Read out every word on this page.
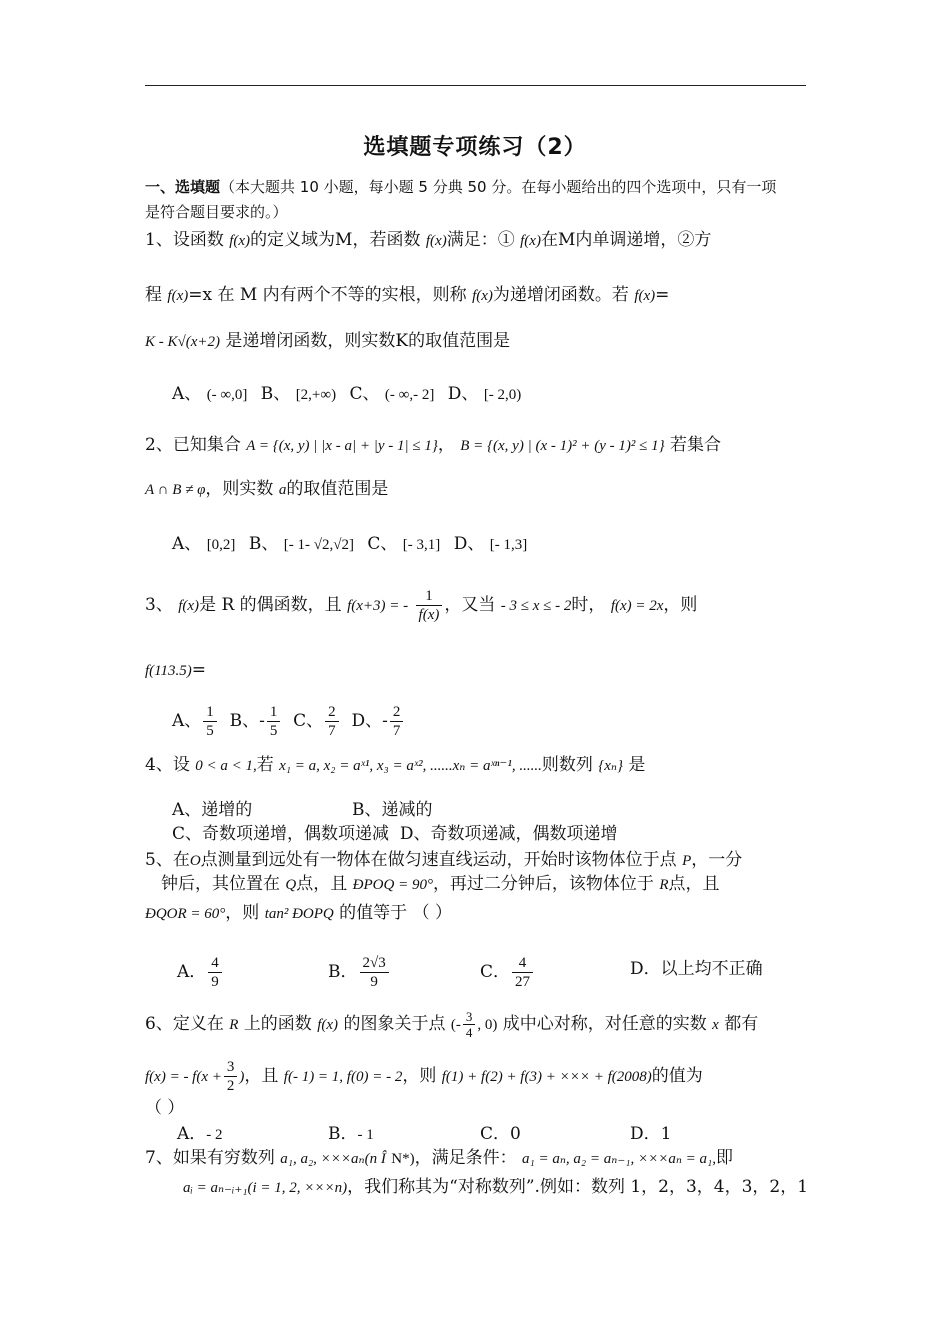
选填题专项练习（2）
一、选填题（本大题共 10 小题，每小题 5 分典 50 分。在每小题给出的四个选项中，只有一项
是符合题目要求的。）
1、设函数 f(x)的定义域为M，若函数 f(x)满足：① f(x)在M内单调递增，②方
程 f(x)=x 在 M 内有两个不等的实根，则称 f(x)为递增闭函数。若 f(x)=
K - K√(x+2) 是递增闭函数，则实数K的取值范围是
A、 (- ∞,0] B、 [2,+∞) C、 (- ∞,- 2] D、 [- 2,0)
2、已知集合 A = {(x, y) | |x - a| + |y - 1| ≤ 1}， B = {(x, y) | (x - 1)² + (y - 1)² ≤ 1} 若集合
A ∩ B ≠ φ，则实数 a的取值范围是
A、 [0,2] B、 [- 1- √2,√2] C、 [- 3,1] D、 [- 1,3]
3、 f(x)是 R 的偶函数，且 f(x+3) = - $\frac{1}{f(x)}$ ，又当 - 3 ≤ x ≤ - 2时， f(x) = 2x，则
f(113.5)=
A、 $\frac{1}{5}$ B、- $\frac{1}{5}$ C、 $\frac{2}{7}$ D、- $\frac{2}{7}$
4、设 0 < a < 1,若 x₁ = a, x₂ = aˣ¹, x₃ = aˣ², ......xₙ = aˣⁿ⁻¹, ......则数列 {xₙ} 是
A、递增的	B、递减的
C、奇数项递增，偶数项递减 D、奇数项递减，偶数项递增
5、在O点测量到远处有一物体在做匀速直线运动，开始时该物体位于点 P，一分
钟后，其位置在 Q点，且 ÐPOQ = 90°，再过二分钟后，该物体位于 R点，且
ÐQOR = 60°，则 tan² ÐOPQ 的值等于 （ ）
A． $\frac{4}{9}$	B． $\frac{2√3}{9}$	C． $\frac{4}{27}$	D．以上均不正确
6、定义在 R 上的函数 f(x) 的图象关于点 (- $\frac{3}{4}$ , 0) 成中心对称，对任意的实数 x 都有
f(x) = - $f(x + \frac{3}{2}$ )，且 f(- 1) = 1, f(0) = - 2，则 f(1) + f(2) + f(3) + ××× + f(2008)的值为
（ ）
A．- 2	B．- 1	C．0	D．1
7、如果有穷数列 a₁, a₂, ×××aₙ(n Î N*)，满足条件： a₁ = aₙ, a₂ = aₙ₋₁, ×××aₙ = a₁,即
aᵢ = aₙ₋ᵢ₊₁(i = 1, 2, ×××n)，我们称其为“对称数列”.例如：数列 1，2，3，4，3，2，1
